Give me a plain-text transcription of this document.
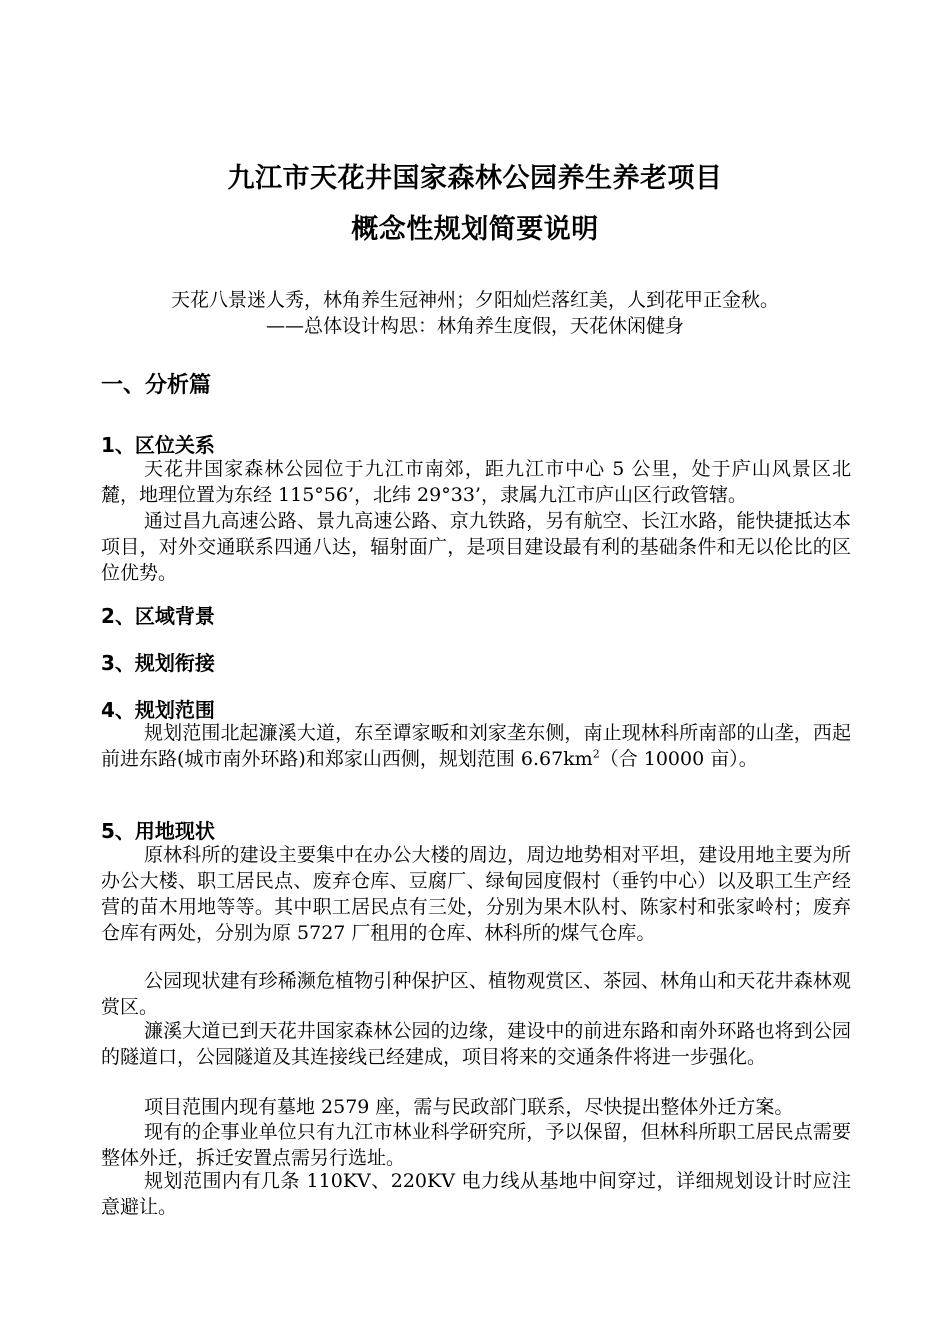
九江市天花井国家森林公园养生养老项目
概念性规划简要说明
天花八景迷人秀，林角养生冠神州；夕阳灿烂落红美，人到花甲正金秋。
——总体设计构思：林角养生度假，天花休闲健身
一、分析篇
1、区位关系

天花井国家森林公园位于九江市南郊，距九江市中心 5 公里，处于庐山风景区北麓，地理位置为东经 115°56’，北纬 29°33’，隶属九江市庐山区行政管辖。

通过昌九高速公路、景九高速公路、京九铁路，另有航空、长江水路，能快捷抵达本项目，对外交通联系四通八达，辐射面广，是项目建设最有利的基础条件和无以伦比的区位优势。

2、区域背景
3、规划衔接
4、规划范围

规划范围北起濂溪大道，东至谭家畈和刘家垄东侧，南止现林科所南部的山垄，西起前进东路(城市南外环路)和郑家山西侧，规划范围 $6.67km^2$（合 10000 亩）。

5、用地现状

原林科所的建设主要集中在办公大楼的周边，周边地势相对平坦，建设用地主要为所办公大楼、职工居民点、废弃仓库、豆腐厂、绿甸园度假村（垂钓中心）以及职工生产经营的苗木用地等等。其中职工居民点有三处，分别为果木队村、陈家村和张家岭村；废弃仓库有两处，分别为原 5727 厂租用的仓库、林科所的煤气仓库。

公园现状建有珍稀濒危植物引种保护区、植物观赏区、茶园、林角山和天花井森林观赏区。

濂溪大道已到天花井国家森林公园的边缘，建设中的前进东路和南外环路也将到公园的隧道口，公园隧道及其连接线已经建成，项目将来的交通条件将进一步强化。

项目范围内现有墓地 2579 座，需与民政部门联系，尽快提出整体外迁方案。

现有的企事业单位只有九江市林业科学研究所，予以保留，但林科所职工居民点需要整体外迁，拆迁安置点需另行选址。

规划范围内有几条 110KV、220KV 电力线从基地中间穿过，详细规划设计时应注意避让。
